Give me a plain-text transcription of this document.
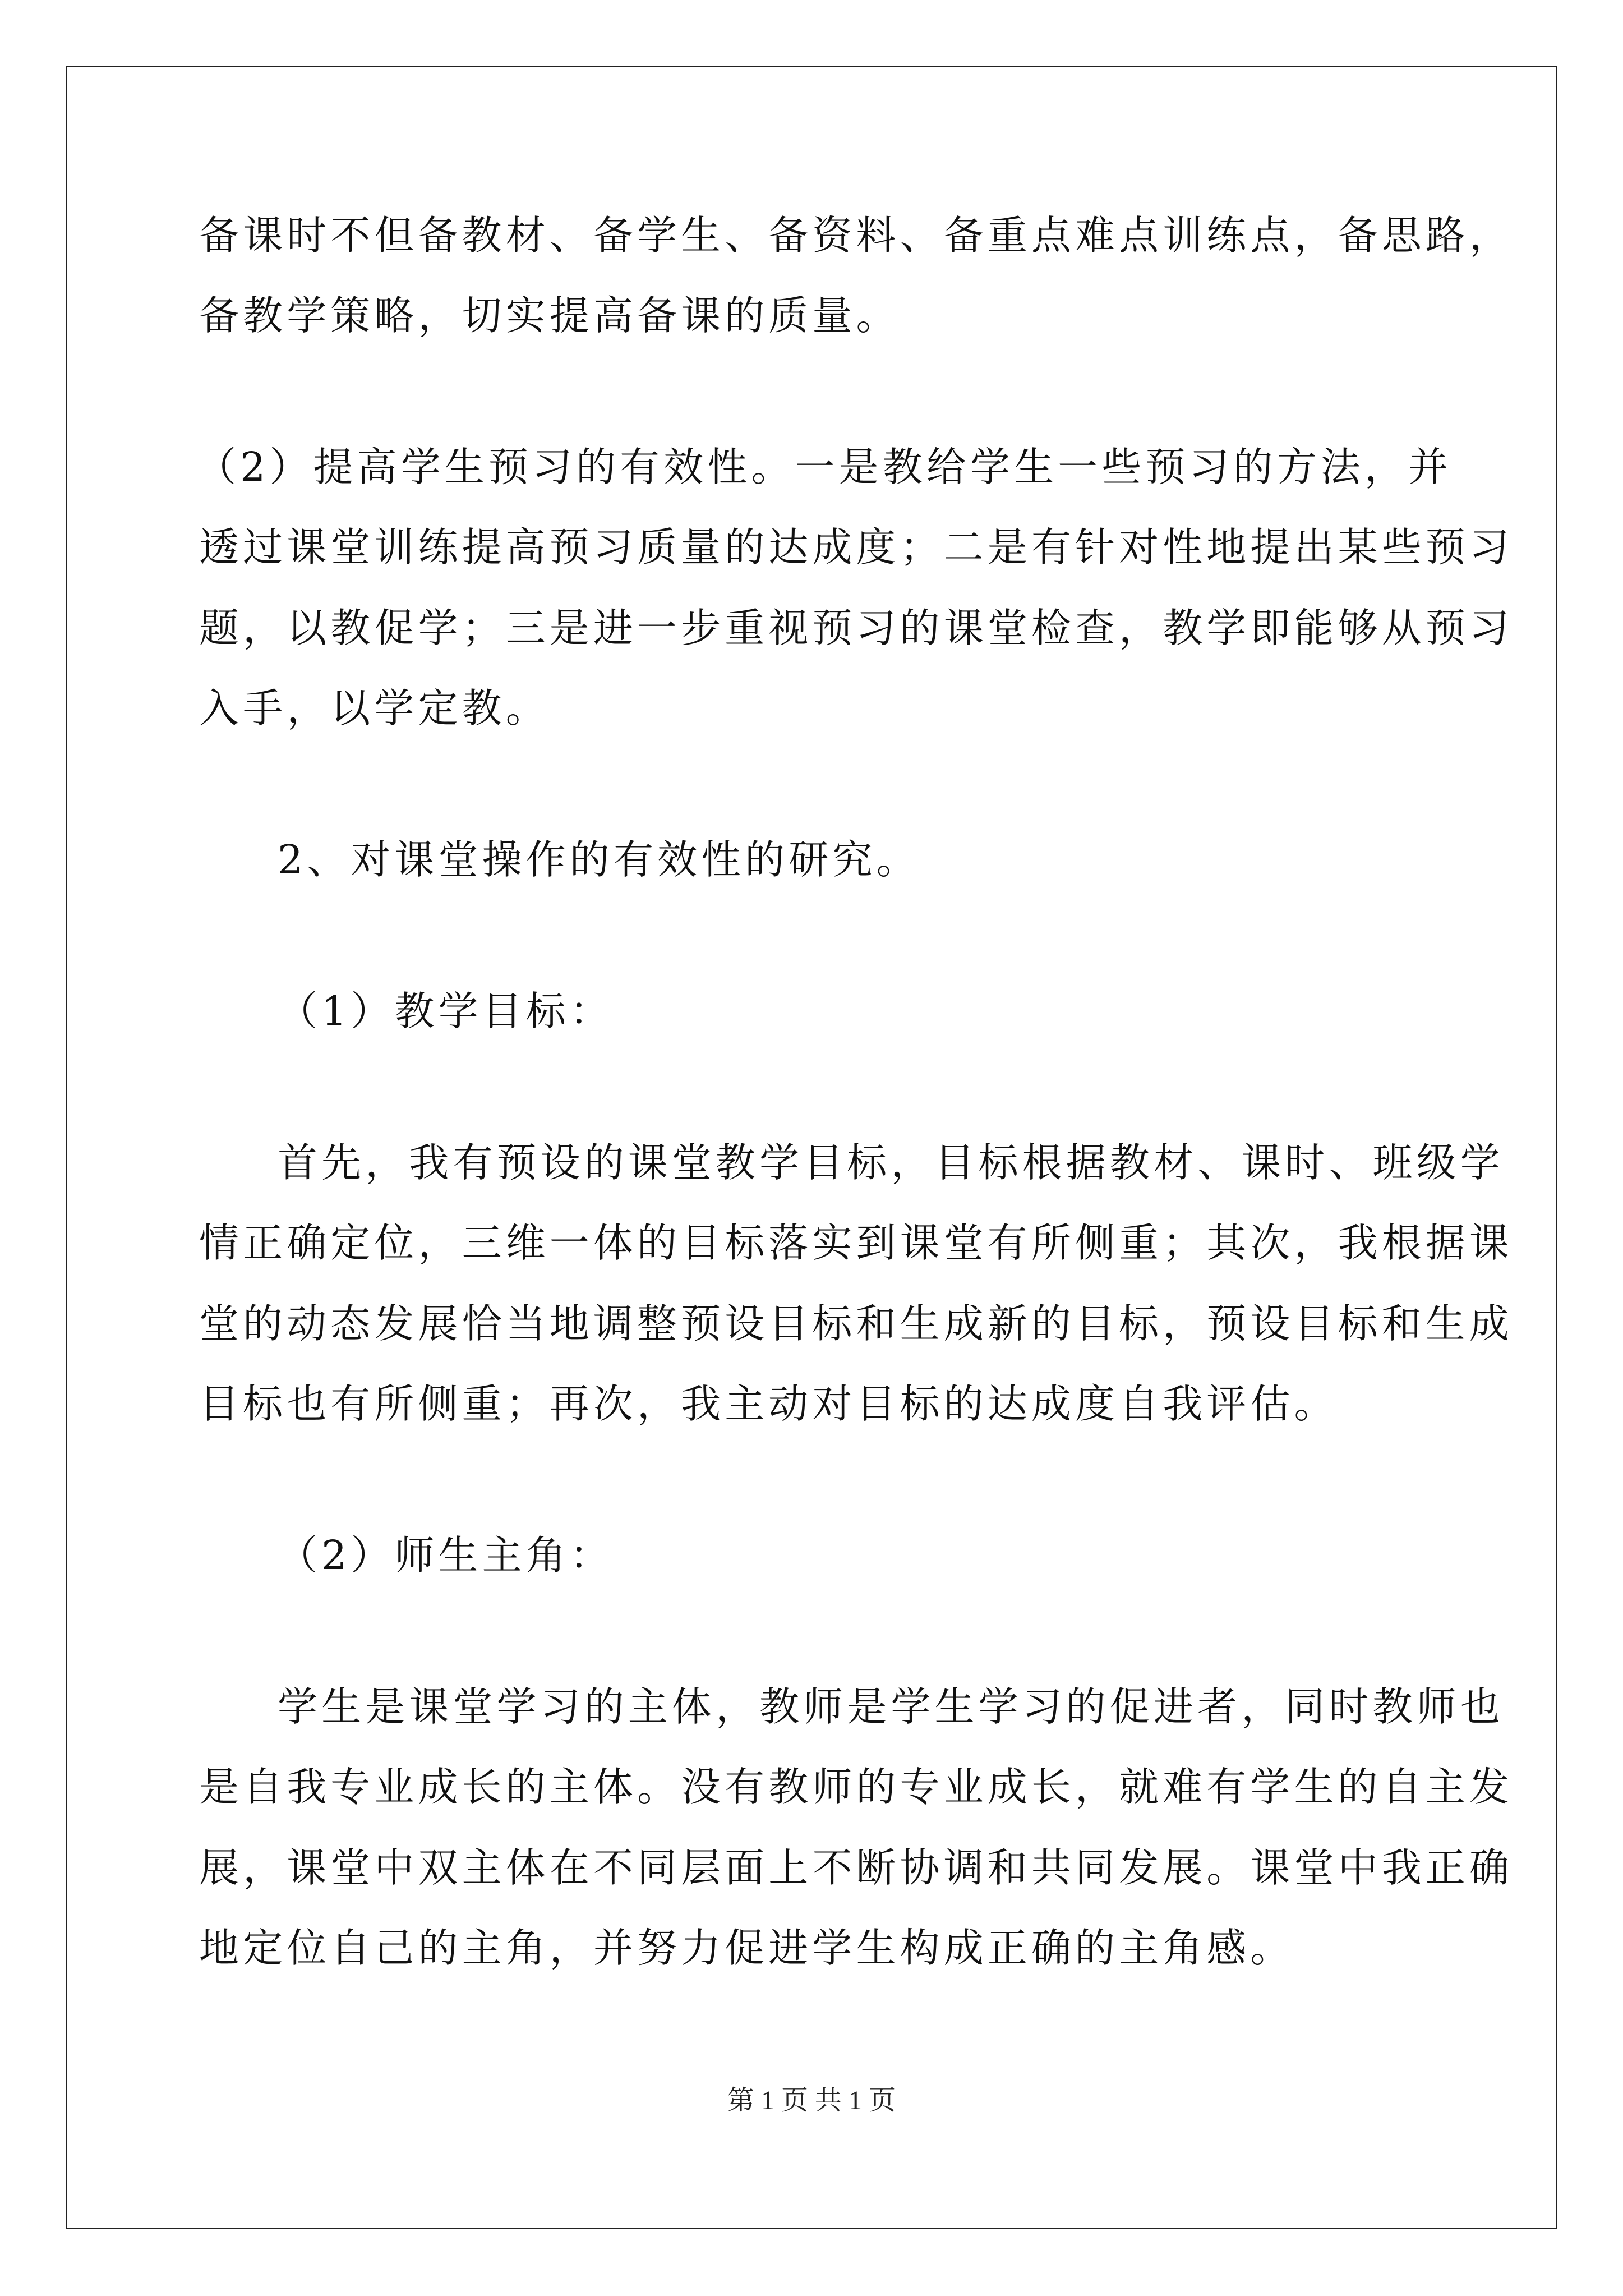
备课时不但备教材、备学生、备资料、备重点难点训练点，备思路，
备教学策略，切实提高备课的质量。
（2）提高学生预习的有效性。一是教给学生一些预习的方法，并
透过课堂训练提高预习质量的达成度；二是有针对性地提出某些预习
题，以教促学；三是进一步重视预习的课堂检查，教学即能够从预习
入手，以学定教。
2、对课堂操作的有效性的研究。
（1）教学目标：
首先，我有预设的课堂教学目标，目标根据教材、课时、班级学
情正确定位，三维一体的目标落实到课堂有所侧重；其次，我根据课
堂的动态发展恰当地调整预设目标和生成新的目标，预设目标和生成
目标也有所侧重；再次，我主动对目标的达成度自我评估。
（2）师生主角：
学生是课堂学习的主体，教师是学生学习的促进者，同时教师也
是自我专业成长的主体。没有教师的专业成长，就难有学生的自主发
展，课堂中双主体在不同层面上不断协调和共同发展。课堂中我正确
地定位自己的主角，并努力促进学生构成正确的主角感。
第 1 页 共 1 页
